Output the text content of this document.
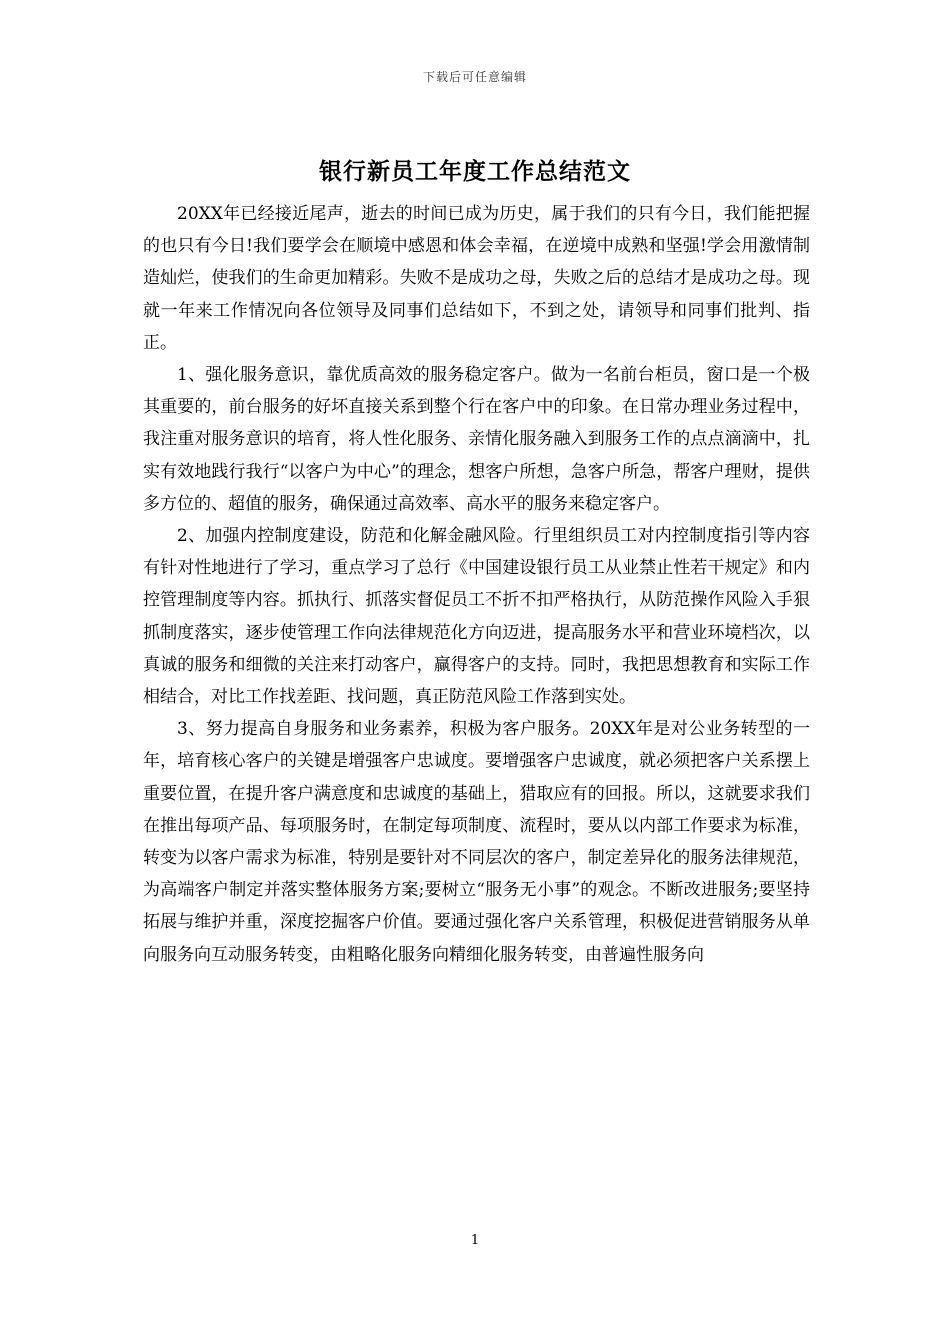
下载后可任意编辑
银行新员工年度工作总结范文

20XX年已经接近尾声，逝去的时间已成为历史，属于我们的只有今日，我们能把握的也只有今日!我们要学会在顺境中感恩和体会幸福，在逆境中成熟和坚强!学会用激情制造灿烂，使我们的生命更加精彩。失败不是成功之母，失败之后的总结才是成功之母。现就一年来工作情况向各位领导及同事们总结如下，不到之处，请领导和同事们批判、指正。

1、强化服务意识，靠优质高效的服务稳定客户。做为一名前台柜员，窗口是一个极其重要的，前台服务的好坏直接关系到整个行在客户中的印象。在日常办理业务过程中，我注重对服务意识的培育，将人性化服务、亲情化服务融入到服务工作的点点滴滴中，扎实有效地践行我行“以客户为中心”的理念，想客户所想，急客户所急，帮客户理财，提供多方位的、超值的服务，确保通过高效率、高水平的服务来稳定客户。

2、加强内控制度建设，防范和化解金融风险。行里组织员工对内控制度指引等内容有针对性地进行了学习，重点学习了总行《中国建设银行员工从业禁止性若干规定》和内控管理制度等内容。抓执行、抓落实督促员工不折不扣严格执行，从防范操作风险入手狠抓制度落实，逐步使管理工作向法律规范化方向迈进，提高服务水平和营业环境档次，以真诚的服务和细微的关注来打动客户，赢得客户的支持。同时，我把思想教育和实际工作相结合，对比工作找差距、找问题，真正防范风险工作落到实处。

3、努力提高自身服务和业务素养，积极为客户服务。20XX年是对公业务转型的一年，培育核心客户的关键是增强客户忠诚度。要增强客户忠诚度，就必须把客户关系摆上重要位置，在提升客户满意度和忠诚度的基础上，猎取应有的回报。所以，这就要求我们在推出每项产品、每项服务时，在制定每项制度、流程时，要从以内部工作要求为标准，转变为以客户需求为标准，特别是要针对不同层次的客户，制定差异化的服务法律规范，为高端客户制定并落实整体服务方案;要树立“服务无小事”的观念。不断改进服务;要坚持拓展与维护并重，深度挖掘客户价值。要通过强化客户关系管理，积极促进营销服务从单向服务向互动服务转变，由粗略化服务向精细化服务转变，由普遍性服务向

1
